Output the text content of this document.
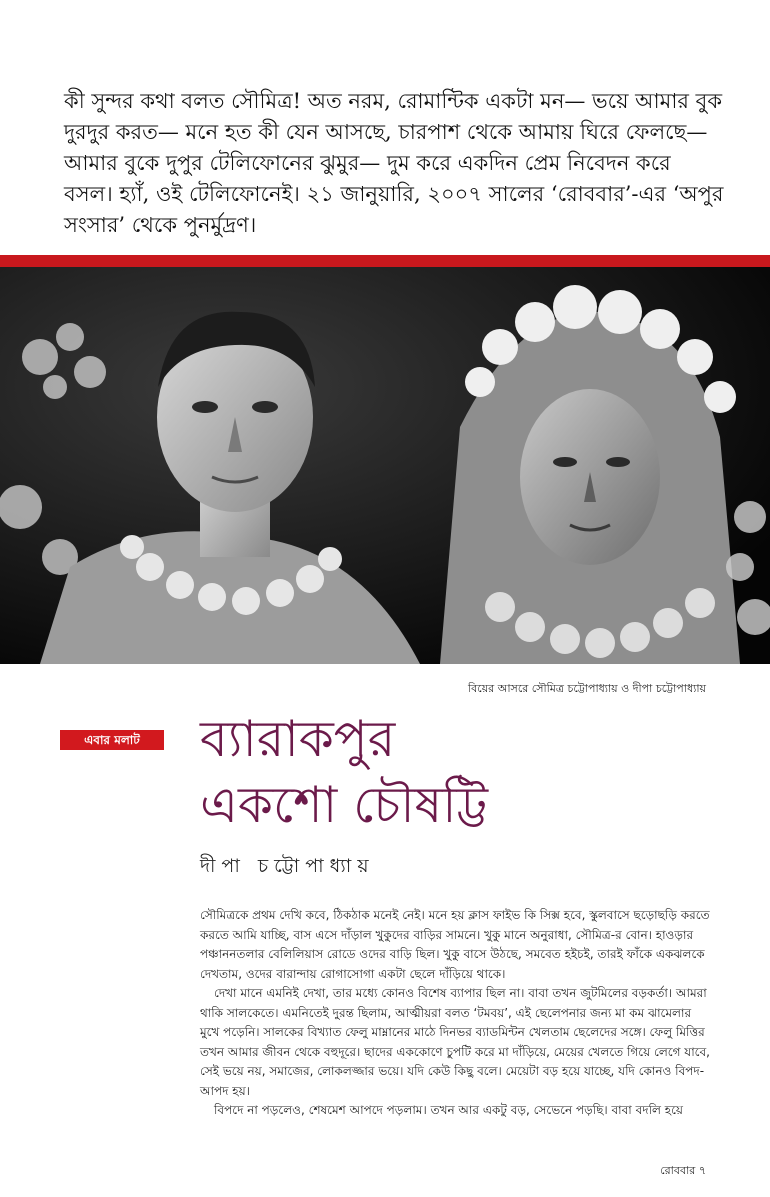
কী সুন্দর কথা বলত সৌমিত্র! অত নরম, রোমান্টিক একটা মন— ভয়ে আমার বুক দুরদুর করত— মনে হত কী যেন আসছে, চারপাশ থেকে আমায় ঘিরে ফেলছে— আমার বুকে দুপুর টেলিফোনের ঝুমুর— দুম করে একদিন প্রেম নিবেদন করে বসল। হ্যাঁ, ওই টেলিফোনেই। ২১ জানুয়ারি, ২০০৭ সালের ‘রোববার’-এর ‘অপুর সংসার’ থেকে পুনর্মুদ্রণ।

বিয়ের আসরে সৌমিত্র চট্টোপাধ্যায় ও দীপা চট্টোপাধ্যায়
এবার মলাট	ব্যারাকপুর
একশো চৌষট্টি
দীপা চট্টোপাধ্যায়

সৌমিত্রকে প্রথম দেখি কবে, ঠিকঠাক মনেই নেই। মনে হয় ক্লাস ফাইভ কি সিক্স হবে, স্কুলবাসে ছড়োছড়ি করতে করতে আমি যাচ্ছি, বাস এসে দাঁড়াল খুকুদের বাড়ির সামনে। খুকু মানে অনুরাধা, সৌমিত্র-র বোন। হাওড়ার পঞ্চাননতলার বেলিলিয়াস রোডে ওদের বাড়ি ছিল। খুকু বাসে উঠছে, সমবেত হইচই, তারই ফাঁকে একঝলকে দেখতাম, ওদের বারান্দায় রোগাসোগা একটা ছেলে দাঁড়িয়ে থাকে।

দেখা মানে এমনিই দেখা, তার মধ্যে কোনও বিশেষ ব্যাপার ছিল না। বাবা তখন জুটমিলের বড়কর্তা। আমরা থাকি সালকেতে। এমনিতেই দুরন্ত ছিলাম, আত্মীয়রা বলত ‘টমবয়’, এই ছেলেপনার জন্য মা কম ঝামেলার মুখে পড়েনি। সালকের বিখ্যাত ফেলু মাম্নানের মাঠে দিনভর ব্যাডমিন্টন খেলতাম ছেলেদের সঙ্গে। ফেলু মিত্তির তখন আমার জীবন থেকে বহুদূরে। ছাদের এককোণে চুপটি করে মা দাঁড়িয়ে, মেয়ের খেলতে গিয়ে লেগে যাবে, সেই ভয়ে নয়, সমাজের, লোকলজ্জার ভয়ে। যদি কেউ কিছু বলে। মেয়েটা বড় হয়ে যাচ্ছে, যদি কোনও বিপদ-আপদ হয়।

বিপদে না পড়লেও, শেষমেশ আপদে পড়লাম। তখন আর একটু বড়, সেভেনে পড়ছি। বাবা বদলি হয়ে

রোববার ৭
